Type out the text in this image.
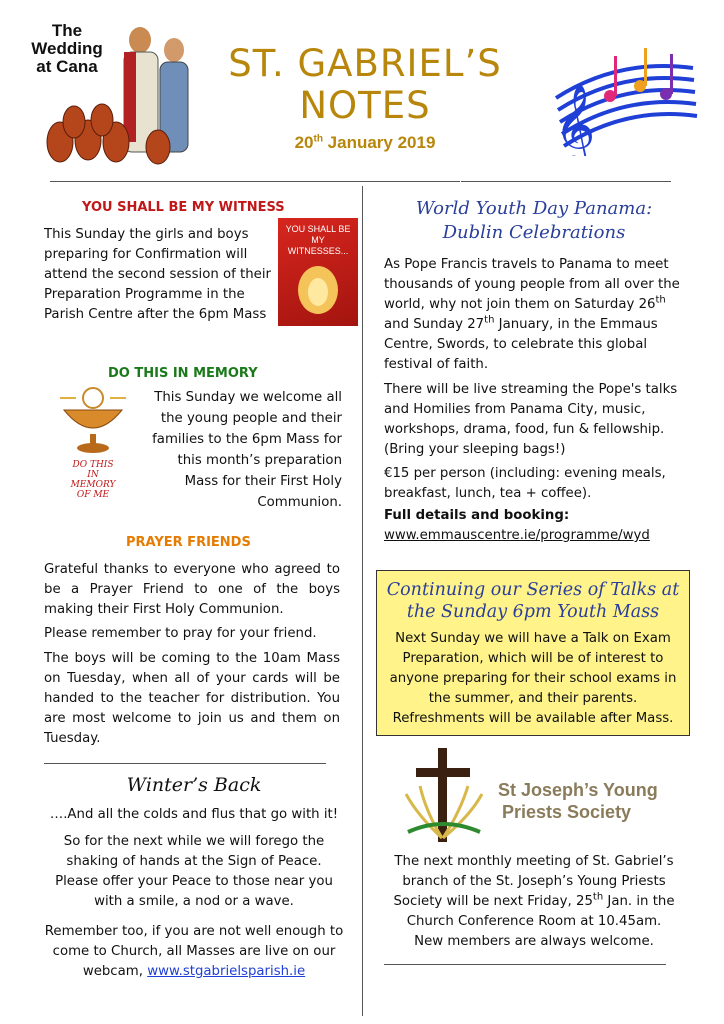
The Wedding at Cana	ST. GABRIEL’S
NOTES
20th January 2019	𝄞
YOU SHALL BE MY WITNESS
This Sunday the girls and boys preparing for Confirmation will attend the second session of their Preparation Programme in the Parish Centre after the 6pm Mass
YOU SHALL BE MY WITNESSES...
DO THIS IN MEMORY
DO THIS
IN
MEMORY
OF ME
This Sunday we welcome all the young people and their families to the 6pm Mass for this month’s preparation Mass for their First Holy Communion.
PRAYER FRIENDS
Grateful thanks to everyone who agreed to be a Prayer Friend to one of the boys making their First Holy Communion.
Please remember to pray for your friend.
The boys will be coming to the 10am Mass on Tuesday, when all of your cards will be handed to the teacher for distribution. You are most welcome to join us and them on Tuesday.
Winter’s Back
….And all the colds and flus that go with it!
So for the next while we will forego the shaking of hands at the Sign of Peace. Please offer your Peace to those near you with a smile, a nod or a wave.
Remember too, if you are not well enough to come to Church, all Masses are live on our webcam, www.stgabrielsparish.ie
World Youth Day Panama:
Dublin Celebrations
As Pope Francis travels to Panama to meet thousands of young people from all over the world, why not join them on Saturday 26th and Sunday 27th January, in the Emmaus Centre, Swords, to celebrate this global festival of faith.
There will be live streaming the Pope's talks and Homilies from Panama City, music, workshops, drama, food, fun & fellowship. (Bring your sleeping bags!)
€15 per person (including: evening meals, breakfast, lunch, tea + coffee).
Full details and booking:
www.emmauscentre.ie/programme/wyd
Continuing our Series of Talks at
the Sunday 6pm Youth Mass
Next Sunday we will have a Talk on Exam Preparation, which will be of interest to anyone preparing for their school exams in the summer, and their parents. Refreshments will be available after Mass.
St Joseph’s Young
Priests Society
The next monthly meeting of St. Gabriel’s branch of the St. Joseph’s Young Priests Society will be next Friday, 25th Jan. in the Church Conference Room at 10.45am.
New members are always welcome.
